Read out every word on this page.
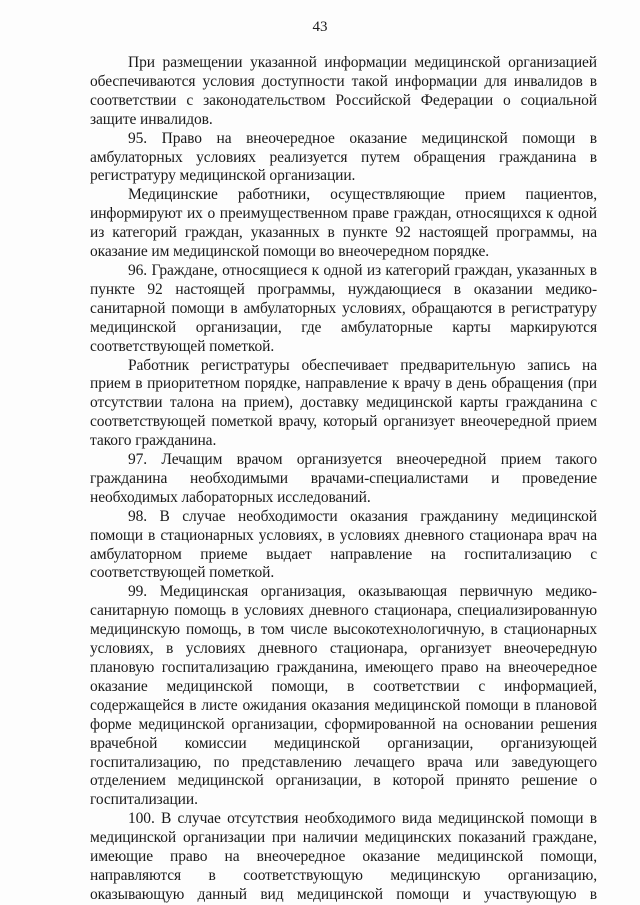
43

При размещении указанной информации медицинской организацией обеспечиваются условия доступности такой информации для инвалидов в соответствии с законодательством Российской Федерации о социальной защите инвалидов.

95. Право на внеочередное оказание медицинской помощи в амбулаторных условиях реализуется путем обращения гражданина в регистратуру медицинской организации.

Медицинские работники, осуществляющие прием пациентов, информируют их о преимущественном праве граждан, относящихся к одной из категорий граждан, указанных в пункте 92 настоящей программы, на оказание им медицинской помощи во внеочередном порядке.

96. Граждане, относящиеся к одной из категорий граждан, указанных в пункте 92 настоящей программы, нуждающиеся в оказании медико-санитарной помощи в амбулаторных условиях, обращаются в регистратуру медицинской организации, где амбулаторные карты маркируются соответствующей пометкой.

Работник регистратуры обеспечивает предварительную запись на прием в приоритетном порядке, направление к врачу в день обращения (при отсутствии талона на прием), доставку медицинской карты гражданина с соответствующей пометкой врачу, который организует внеочередной прием такого гражданина.

97. Лечащим врачом организуется внеочередной прием такого гражданина необходимыми врачами-специалистами и проведение необходимых лабораторных исследований.

98. В случае необходимости оказания гражданину медицинской помощи в стационарных условиях, в условиях дневного стационара врач на амбулаторном приеме выдает направление на госпитализацию с соответствующей пометкой.

99. Медицинская организация, оказывающая первичную медико-санитарную помощь в условиях дневного стационара, специализированную медицинскую помощь, в том числе высокотехнологичную, в стационарных условиях, в условиях дневного стационара, организует внеочередную плановую госпитализацию гражданина, имеющего право на внеочередное оказание медицинской помощи, в соответствии с информацией, содержащейся в листе ожидания оказания медицинской помощи в плановой форме медицинской организации, сформированной на основании решения врачебной комиссии медицинской организации, организующей госпитализацию, по представлению лечащего врача или заведующего отделением медицинской организации, в которой принято решение о госпитализации.

100. В случае отсутствия необходимого вида медицинской помощи в медицинской организации при наличии медицинских показаний граждане, имеющие право на внеочередное оказание медицинской помощи, направляются в соответствующую медицинскую организацию, оказывающую данный вид медицинской помощи и участвующую в
